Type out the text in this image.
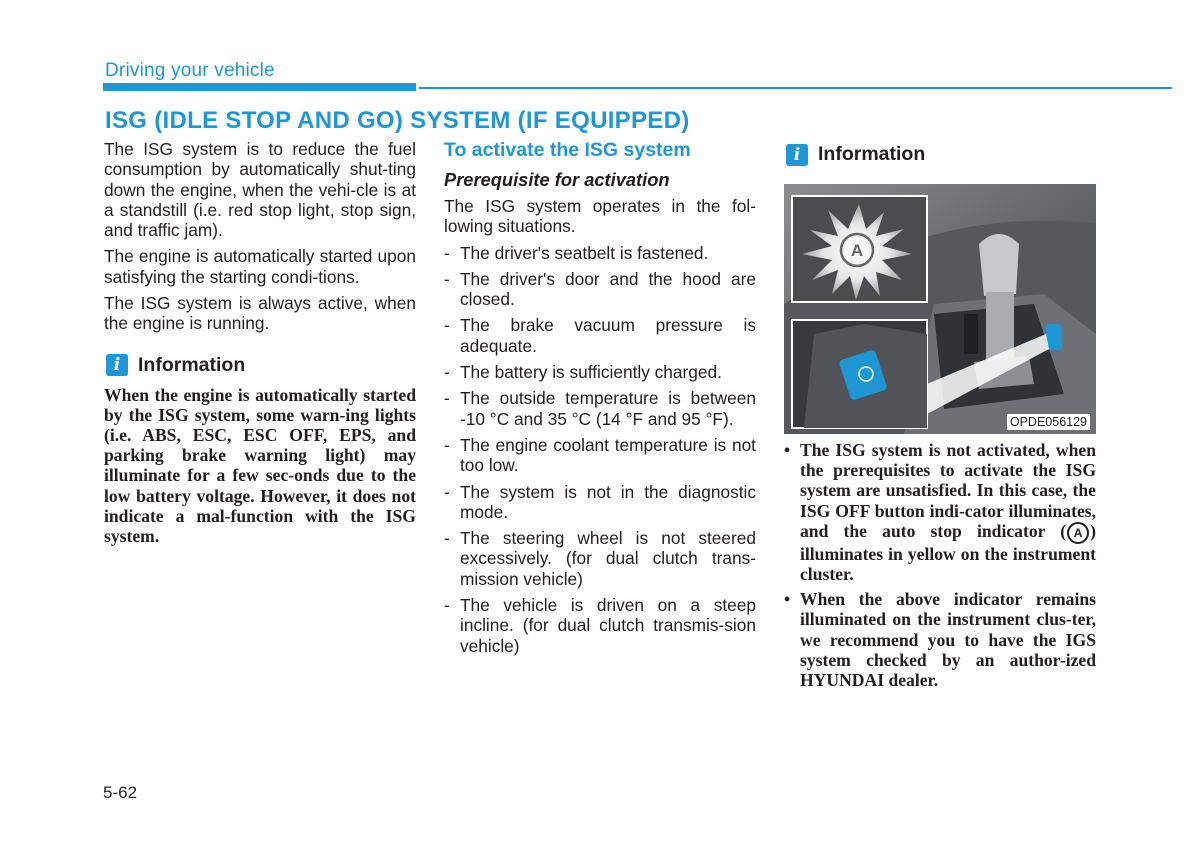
Driving your vehicle
ISG (IDLE STOP AND GO) SYSTEM (IF EQUIPPED)

The ISG system is to reduce the fuel consumption by automatically shut-ting down the engine, when the vehi-cle is at a standstill (i.e. red stop light, stop sign, and traffic jam).

The engine is automatically started upon satisfying the starting condi-tions.

The ISG system is always active, when the engine is running.

i Information

When the engine is automatically started by the ISG system, some warn-ing lights (i.e. ABS, ESC, ESC OFF, EPS, and parking brake warning light) may illuminate for a few sec-onds due to the low battery voltage. However, it does not indicate a mal-function with the ISG system.

To activate the ISG system
Prerequisite for activation

The ISG system operates in the fol-lowing situations.

- The driver's seatbelt is fastened.
- The driver's door and the hood are closed.
- The brake vacuum pressure is adequate.
- The battery is sufficiently charged.
- The outside temperature is between -10 °C and 35 °C (14 °F and 95 °F).
- The engine coolant temperature is not too low.
- The system is not in the diagnostic mode.
- The steering wheel is not steered excessively. (for dual clutch trans-mission vehicle)
- The vehicle is driven on a steep incline. (for dual clutch transmis-sion vehicle)
i Information
A
OPDE056129
• The ISG system is not activated, when the prerequisites to activate the ISG system are unsatisfied. In this case, the ISG OFF button indi-cator illuminates, and the auto stop indicator ( A ) illuminates in yellow on the instrument cluster.
• When the above indicator remains illuminated on the instrument clus-ter, we recommend you to have the IGS system checked by an author-ized HYUNDAI dealer.
5-62
